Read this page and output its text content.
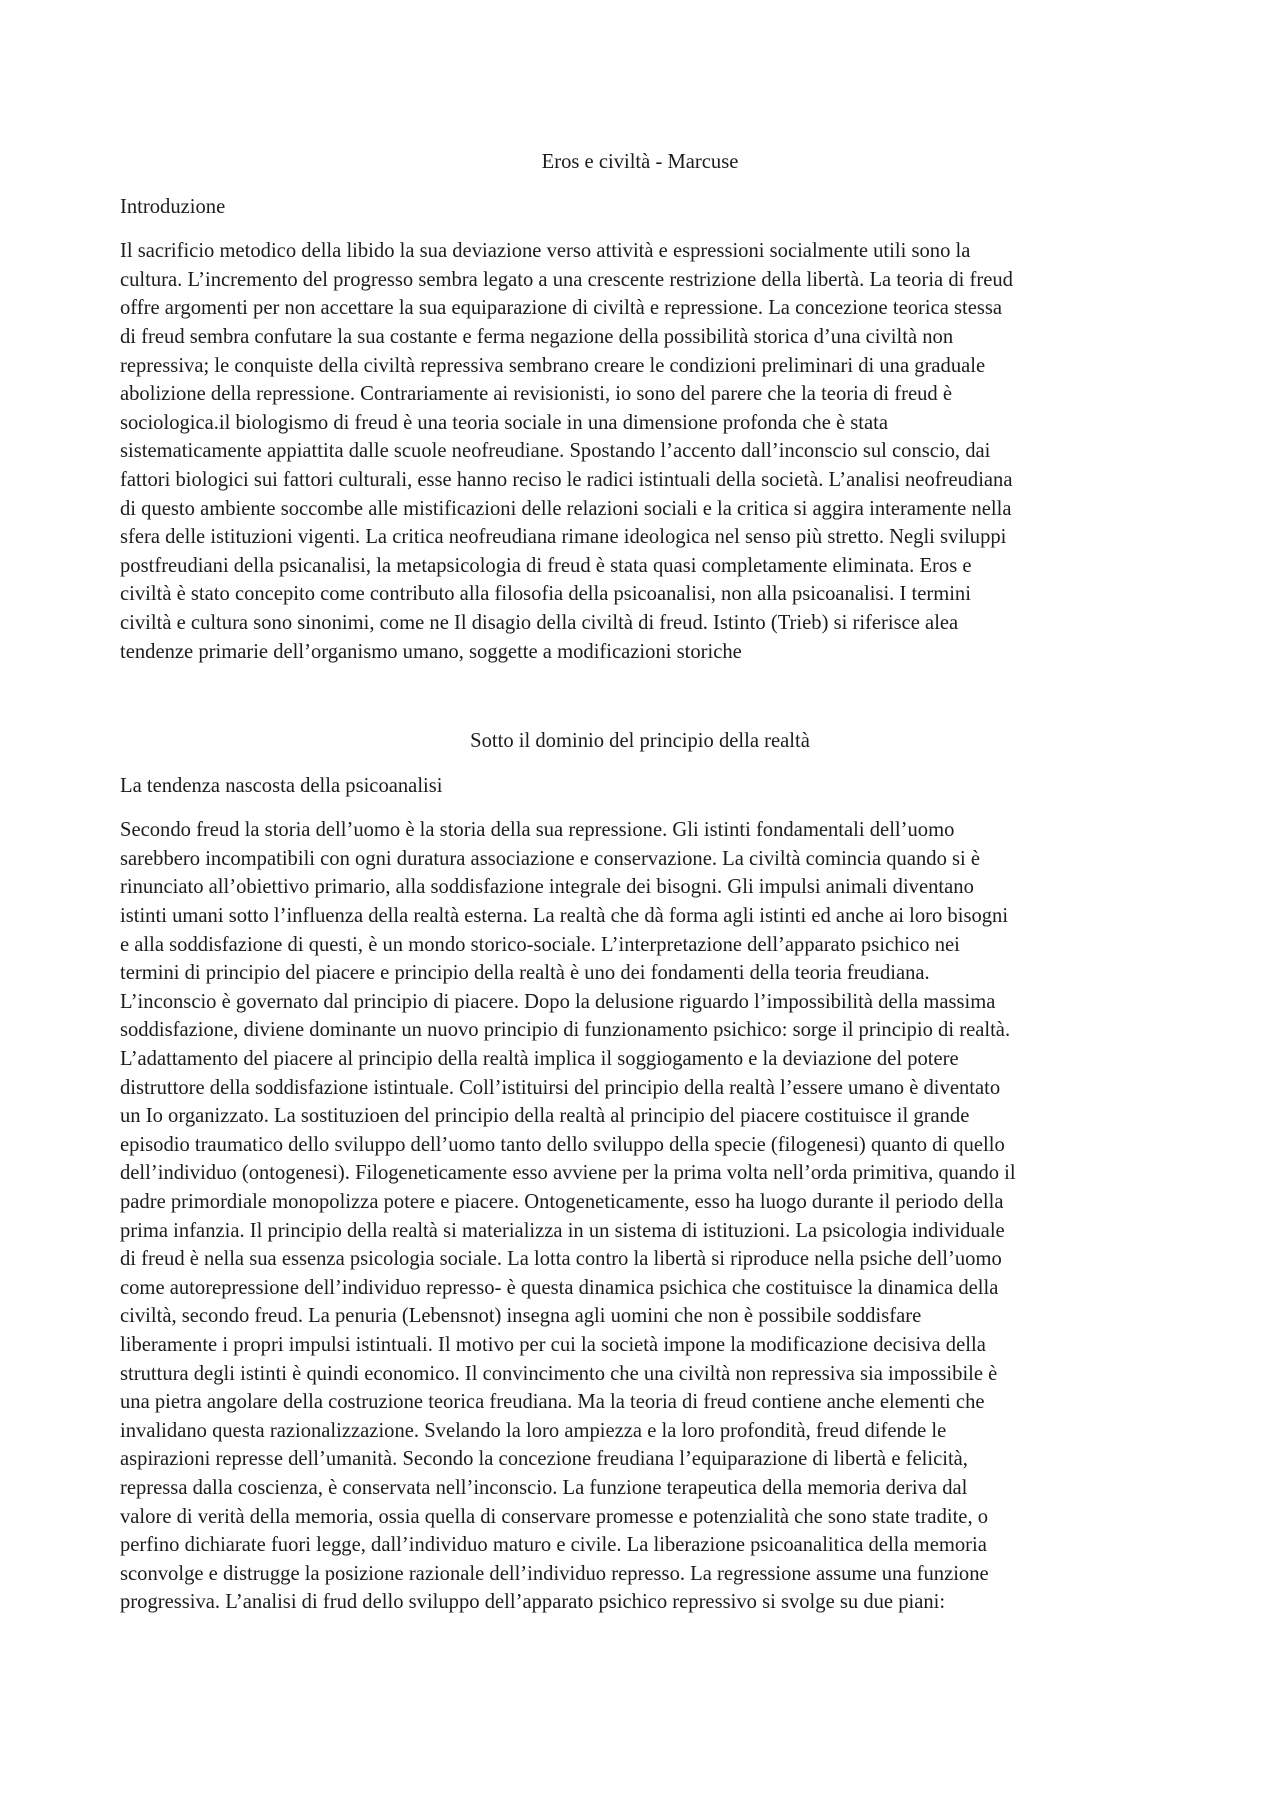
Eros e civiltà - Marcuse
Introduzione
Il sacrificio metodico della libido la sua deviazione verso attività e espressioni socialmente utili sono la
cultura. L’incremento del progresso sembra legato a una crescente restrizione della libertà. La teoria di freud
offre argomenti per non accettare la sua equiparazione di civiltà e repressione. La concezione teorica stessa
di freud sembra confutare la sua costante e ferma negazione della possibilità storica d’una civiltà non
repressiva; le conquiste della civiltà repressiva sembrano creare le condizioni preliminari di una graduale
abolizione della repressione. Contrariamente ai revisionisti, io sono del parere che la teoria di freud è
sociologica.il biologismo di freud è una teoria sociale in una dimensione profonda che è stata
sistematicamente appiattita dalle scuole neofreudiane. Spostando l’accento dall’inconscio sul conscio, dai
fattori biologici sui fattori culturali, esse hanno reciso le radici istintuali della società. L’analisi neofreudiana
di questo ambiente soccombe alle mistificazioni delle relazioni sociali e la critica si aggira interamente nella
sfera delle istituzioni vigenti. La critica neofreudiana rimane ideologica nel senso più stretto. Negli sviluppi
postfreudiani della psicanalisi, la metapsicologia di freud è stata quasi completamente eliminata. Eros e
civiltà è stato concepito come contributo alla filosofia della psicoanalisi, non alla psicoanalisi. I termini
civiltà e cultura sono sinonimi, come ne Il disagio della civiltà di freud. Istinto (Trieb) si riferisce alea
tendenze primarie dell’organismo umano, soggette a modificazioni storiche
Sotto il dominio del principio della realtà
La tendenza nascosta della psicoanalisi
Secondo freud la storia dell’uomo è la storia della sua repressione. Gli istinti fondamentali dell’uomo
sarebbero incompatibili con ogni duratura associazione e conservazione. La civiltà comincia quando si è
rinunciato all’obiettivo primario, alla soddisfazione integrale dei bisogni. Gli impulsi animali diventano
istinti umani sotto l’influenza della realtà esterna. La realtà che dà forma agli istinti ed anche ai loro bisogni
e alla soddisfazione di questi, è un mondo storico-sociale. L’interpretazione dell’apparato psichico nei
termini di principio del piacere e principio della realtà è uno dei fondamenti della teoria freudiana.
L’inconscio è governato dal principio di piacere. Dopo la delusione riguardo l’impossibilità della massima
soddisfazione, diviene dominante un nuovo principio di funzionamento psichico: sorge il principio di realtà.
L’adattamento del piacere al principio della realtà implica il soggiogamento e la deviazione del potere
distruttore della soddisfazione istintuale. Coll’istituirsi del principio della realtà l’essere umano è diventato
un Io organizzato. La sostituzioen del principio della realtà al principio del piacere costituisce il grande
episodio traumatico dello sviluppo dell’uomo tanto dello sviluppo della specie (filogenesi) quanto di quello
dell’individuo (ontogenesi). Filogeneticamente esso avviene per la prima volta nell’orda primitiva, quando il
padre primordiale monopolizza potere e piacere. Ontogeneticamente, esso ha luogo durante il periodo della
prima infanzia. Il principio della realtà si materializza in un sistema di istituzioni. La psicologia individuale
di freud è nella sua essenza psicologia sociale. La lotta contro la libertà si riproduce nella psiche dell’uomo
come autorepressione dell’individuo represso- è questa dinamica psichica che costituisce la dinamica della
civiltà, secondo freud. La penuria (Lebensnot) insegna agli uomini che non è possibile soddisfare
liberamente i propri impulsi istintuali. Il motivo per cui la società impone la modificazione decisiva della
struttura degli istinti è quindi economico. Il convincimento che una civiltà non repressiva sia impossibile è
una pietra angolare della costruzione teorica freudiana. Ma la teoria di freud contiene anche elementi che
invalidano questa razionalizzazione. Svelando la loro ampiezza e la loro profondità, freud difende le
aspirazioni represse dell’umanità. Secondo la concezione freudiana l’equiparazione di libertà e felicità,
repressa dalla coscienza, è conservata nell’inconscio. La funzione terapeutica della memoria deriva dal
valore di verità della memoria, ossia quella di conservare promesse e potenzialità che sono state tradite, o
perfino dichiarate fuori legge, dall’individuo maturo e civile. La liberazione psicoanalitica della memoria
sconvolge e distrugge la posizione razionale dell’individuo represso. La regressione assume una funzione
progressiva. L’analisi di frud dello sviluppo dell’apparato psichico repressivo si svolge su due piani:
